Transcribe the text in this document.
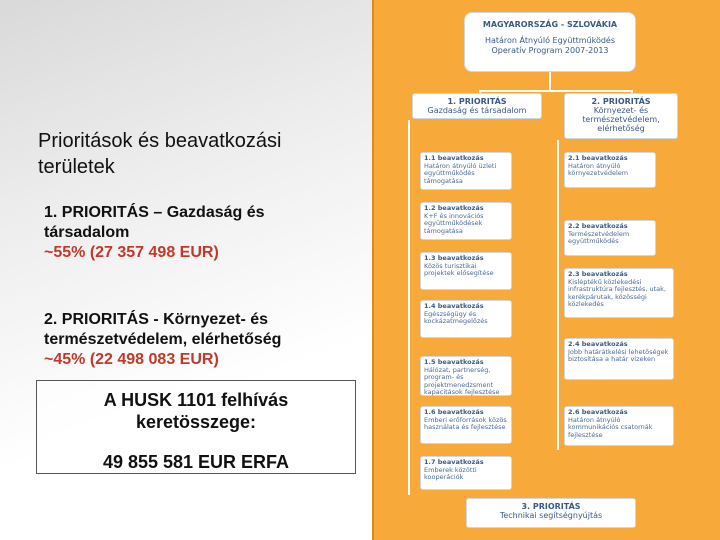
Prioritások és beavatkozási területek
1. PRIORITÁS – Gazdaság és társadalom
~55% (27 357 498 EUR)
2. PRIORITÁS - Környezet- és természetvédelem, elérhetőség
~45% (22 498 083 EUR)
A HUSK 1101 felhívás
keretösszege:
49 855 581 EUR ERFA
MAGYARORSZÁG - SZLOVÁKIA
Határon Átnyúló Együttműködés
Operatív Program 2007-2013
1. PRIORITÁS
Gazdaság és társadalom
2. PRIORITÁS
Környezet- és természetvédelem, elérhetőség
1.1 beavatkozás
Határon átnyúló üzleti együttműködés támogatása
1.2 beavatkozás
K+F és innovációs együttműködések támogatása
1.3 beavatkozás
Közös turisztikai projektek elősegítése
1.4 beavatkozás
Egészségügy és kockázatmegelőzés
1.5 beavatkozás
Hálózat, partnerség, program- és projektmenedzsment kapacitások fejlesztése
1.6 beavatkozás
Emberi erőforrások közös használata és fejlesztése
1.7 beavatkozás
Emberek közötti kooperációk
2.1 beavatkozás
Határon átnyúló környezetvédelem
2.2 beavatkozás
Természetvédelem együttműködés
2.3 beavatkozás
Kisléptékű közlekedési infrastruktúra fejlesztés, utak, kerékpárutak, közösségi közlekedés
2.4 beavatkozás
Jobb határátkelési lehetőségek biztosítása a határ vízeken
2.6 beavatkozás
Határon átnyúló kommunikációs csatornák fejlesztése
3. PRIORITÁS
Technikai segítségnyújtás
